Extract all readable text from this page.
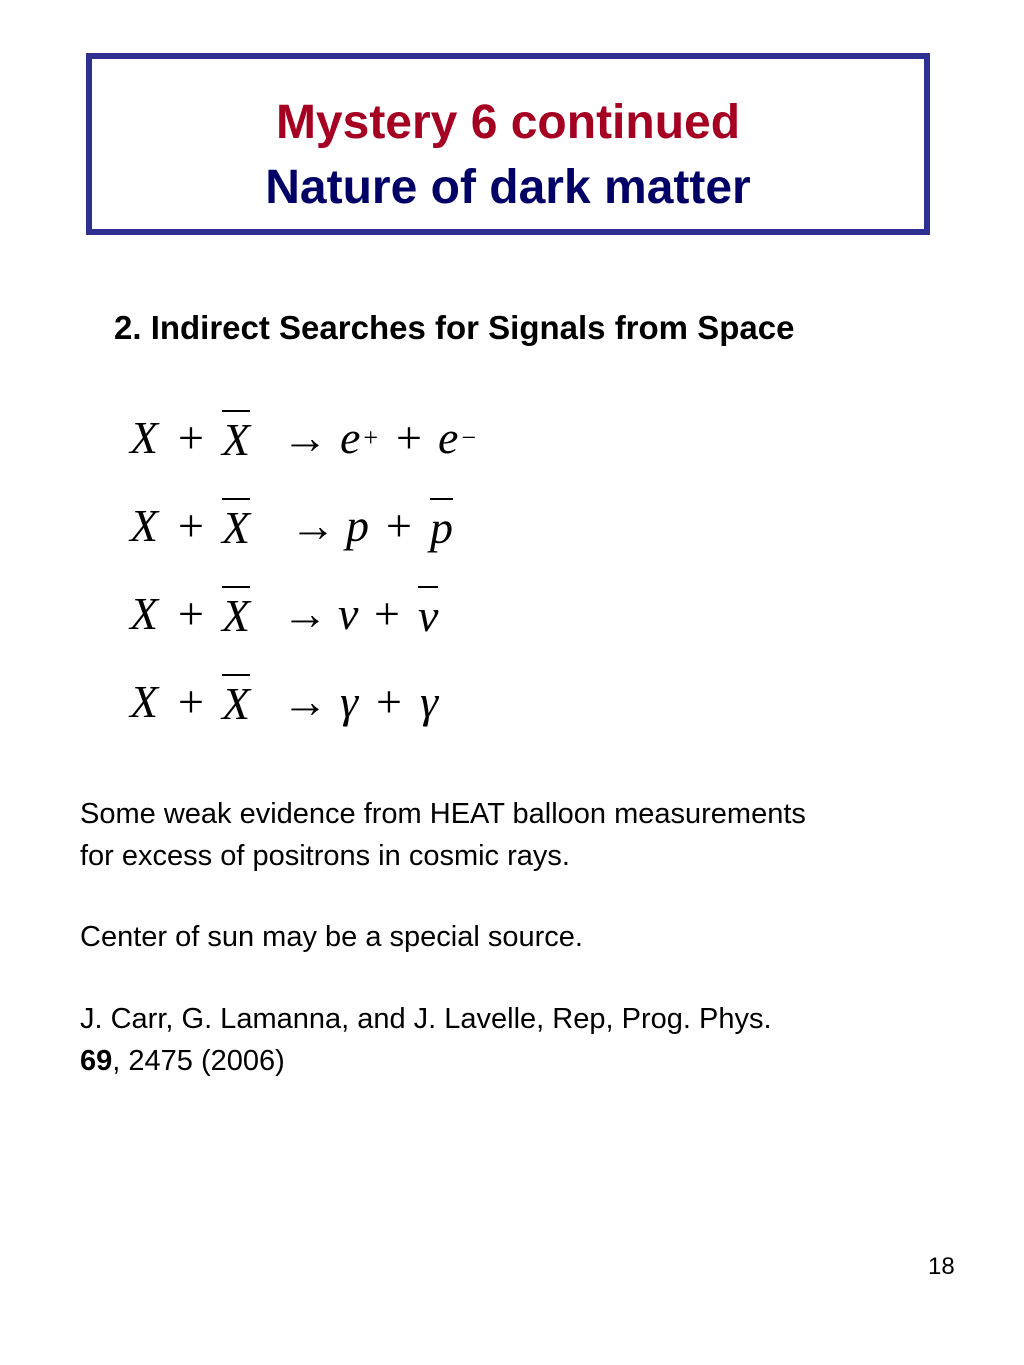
Mystery 6 continued
Nature of dark matter
2. Indirect Searches for Signals from Space
X + X → e + + e −
X + X → p + p
X + X → ν + ν
X + X → γ + γ

Some weak evidence from HEAT balloon measurements
for excess of positrons in cosmic rays.

Center of sun may be a special source.

J. Carr, G. Lamanna, and J. Lavelle, Rep, Prog. Phys.
69, 2475 (2006)

18
